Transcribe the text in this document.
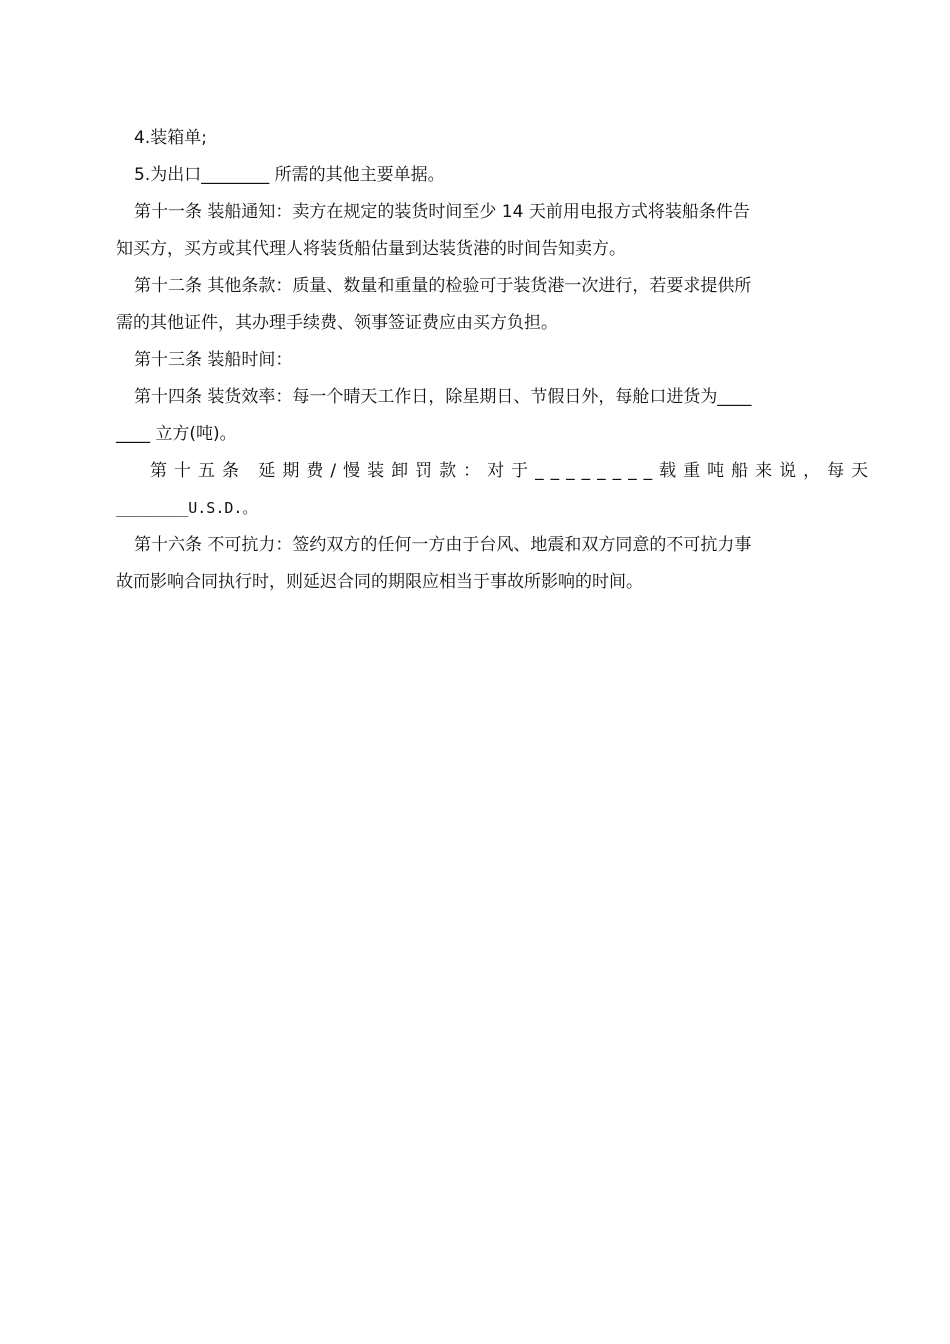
4.装箱单;

5.为出口________ 所需的其他主要单据。

第十一条 装船通知：卖方在规定的装货时间至少 14 天前用电报方式将装船条件告

知买方，买方或其代理人将装货船估量到达装货港的时间告知卖方。

第十二条 其他条款：质量、数量和重量的检验可于装货港一次进行，若要求提供所

需的其他证件，其办理手续费、领事签证费应由买方负担。

第十三条 装船时间：

第十四条 装货效率：每一个晴天工作日，除星期日、节假日外，每舱口进货为____

____ 立方(吨)。

第十五条 延期费/慢装卸罚款：对于________载重吨船来说， 每天

________U.S.D.。

第十六条 不可抗力：签约双方的任何一方由于台风、地震和双方同意的不可抗力事

故而影响合同执行时，则延迟合同的期限应相当于事故所影响的时间。
